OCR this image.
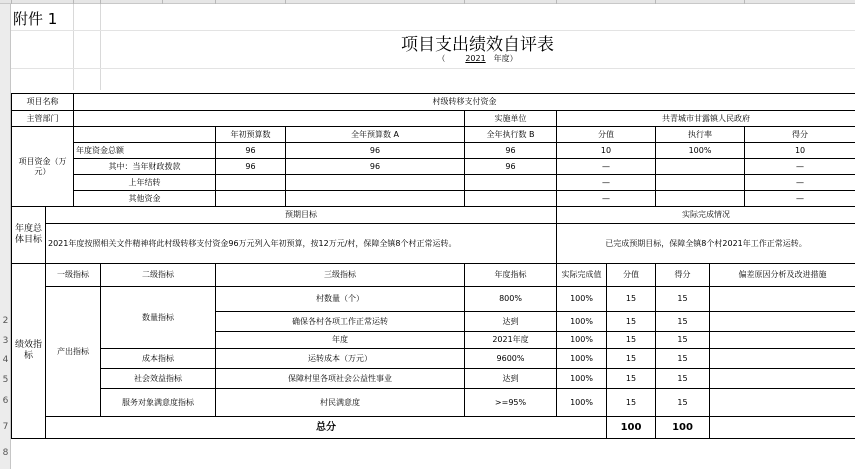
2
3
4
5
6
7
8
附件 1
项目支出绩效自评表
（	2021 年度）
项目名称		村级转移支付资金									
主管部门						实施单位	共青城市甘露镇人民政府				
项目资金（万元）				年初预算数	全年预算数 A	全年执行数 B	分值		执行率		得分
		年度资金总额		96	96	96	10		100%		10
		其中：当年财政拨款		96	96	96	—				—
		上年结转					—				—
		其他资金					—				—
年度总体目标	预期目标						实际完成情况				
	2021年度按照相关文件精神将此村级转移支付资金96万元列入年初预算，按12万元/村，保障全镇8个村正常运转。						已完成预期目标，保障全镇8个村2021年工作正常运转。				
绩效指标	一级指标		二级指标	三级指标		年度指标	实际完成值	分值	得分	偏差原因分析及改进措施	
	产出指标		数量指标	村数量（个）		800%	100%	15	15		
				确保各村各项工作正常运转		达到	100%	15	15		
				年度		2021年度	100%	15	15		
			成本指标	运转成本（万元）		9600%	100%	15	15		
			社会效益指标	保障村里各项社会公益性事业		达到	100%	15	15		
			服务对象满意度指标	村民满意度		>=95%	100%	15	15		
	总分							100	100		
